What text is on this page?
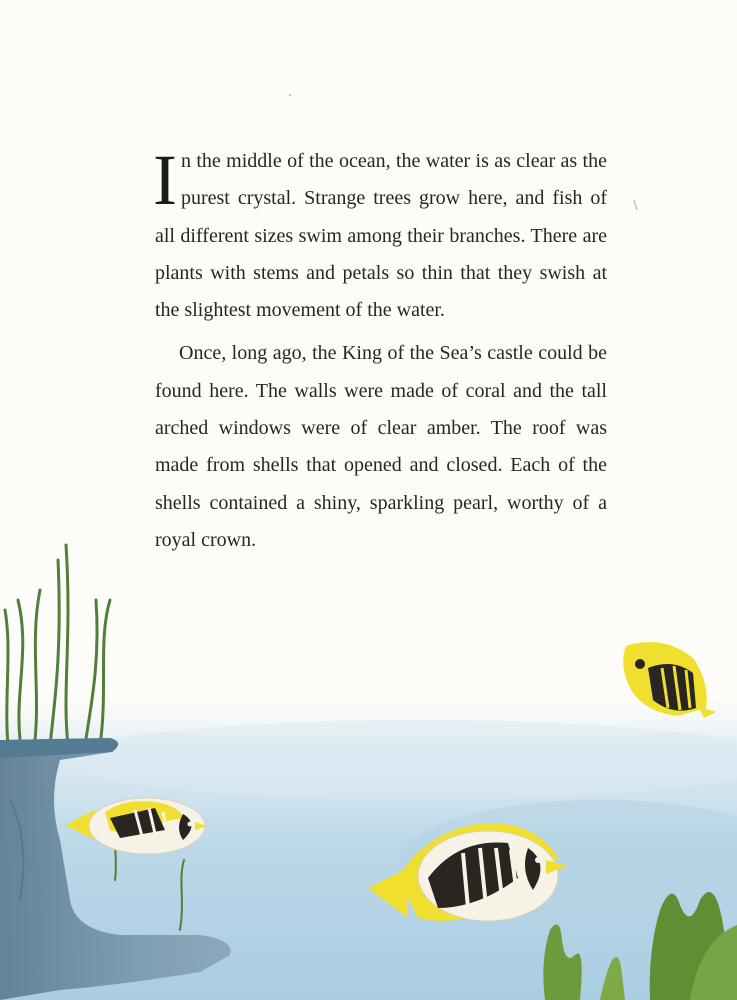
In the middle of the ocean, the water is as clear as the purest crystal. Strange trees grow here, and fish of all different sizes swim among their branches. There are plants with stems and petals so thin that they swish at the slightest movement of the water.

Once, long ago, the King of the Sea’s castle could be found here. The walls were made of coral and the tall arched windows were of clear amber. The roof was made from shells that opened and closed. Each of the shells contained a shiny, sparkling pearl, worthy of a royal crown.
